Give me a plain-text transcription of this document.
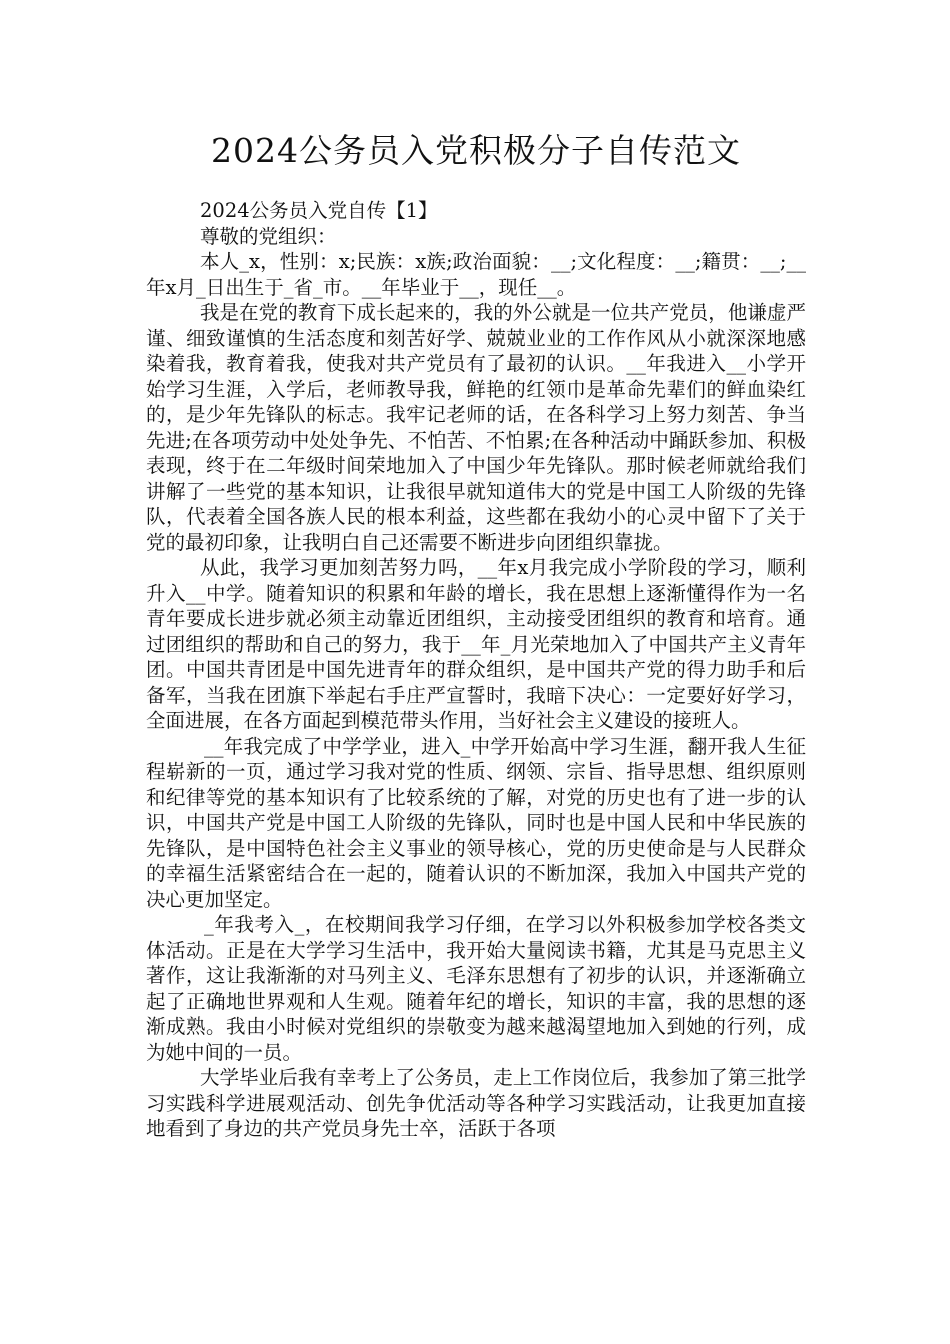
2024公务员入党积极分子自传范文

2024公务员入党自传【1】

尊敬的党组织：

本人_x，性别：x;民族：x族;政治面貌：__;文化程度：__;籍贯：__;__年x月_日出生于_省_市。__年毕业于__，现任__。

我是在党的教育下成长起来的，我的外公就是一位共产党员，他谦虚严谨、细致谨慎的生活态度和刻苦好学、兢兢业业的工作作风从小就深深地感染着我，教育着我，使我对共产党员有了最初的认识。__年我进入__小学开始学习生涯，入学后，老师教导我，鲜艳的红领巾是革命先辈们的鲜血染红的，是少年先锋队的标志。我牢记老师的话，在各科学习上努力刻苦、争当先进;在各项劳动中处处争先、不怕苦、不怕累;在各种活动中踊跃参加、积极表现，终于在二年级时间荣地加入了中国少年先锋队。那时候老师就给我们讲解了一些党的基本知识，让我很早就知道伟大的党是中国工人阶级的先锋队，代表着全国各族人民的根本利益，这些都在我幼小的心灵中留下了关于党的最初印象，让我明白自己还需要不断进步向团组织靠拢。

从此，我学习更加刻苦努力吗，__年x月我完成小学阶段的学习，顺利升入__中学。随着知识的积累和年龄的增长，我在思想上逐渐懂得作为一名青年要成长进步就必须主动靠近团组织，主动接受团组织的教育和培育。通过团组织的帮助和自己的努力，我于__年_月光荣地加入了中国共产主义青年团。中国共青团是中国先进青年的群众组织，是中国共产党的得力助手和后备军，当我在团旗下举起右手庄严宣誓时，我暗下决心：一定要好好学习，全面进展，在各方面起到模范带头作用，当好社会主义建设的接班人。

__年我完成了中学学业，进入_中学开始高中学习生涯，翻开我人生征程崭新的一页，通过学习我对党的性质、纲领、宗旨、指导思想、组织原则和纪律等党的基本知识有了比较系统的了解，对党的历史也有了进一步的认识，中国共产党是中国工人阶级的先锋队，同时也是中国人民和中华民族的先锋队，是中国特色社会主义事业的领导核心，党的历史使命是与人民群众的幸福生活紧密结合在一起的，随着认识的不断加深，我加入中国共产党的决心更加坚定。

_年我考入_，在校期间我学习仔细，在学习以外积极参加学校各类文体活动。正是在大学学习生活中，我开始大量阅读书籍，尤其是马克思主义著作，这让我渐渐的对马列主义、毛泽东思想有了初步的认识，并逐渐确立起了正确地世界观和人生观。随着年纪的增长，知识的丰富，我的思想的逐渐成熟。我由小时候对党组织的崇敬变为越来越渴望地加入到她的行列，成为她中间的一员。

大学毕业后我有幸考上了公务员，走上工作岗位后，我参加了第三批学习实践科学进展观活动、创先争优活动等各种学习实践活动，让我更加直接地看到了身边的共产党员身先士卒，活跃于各项
